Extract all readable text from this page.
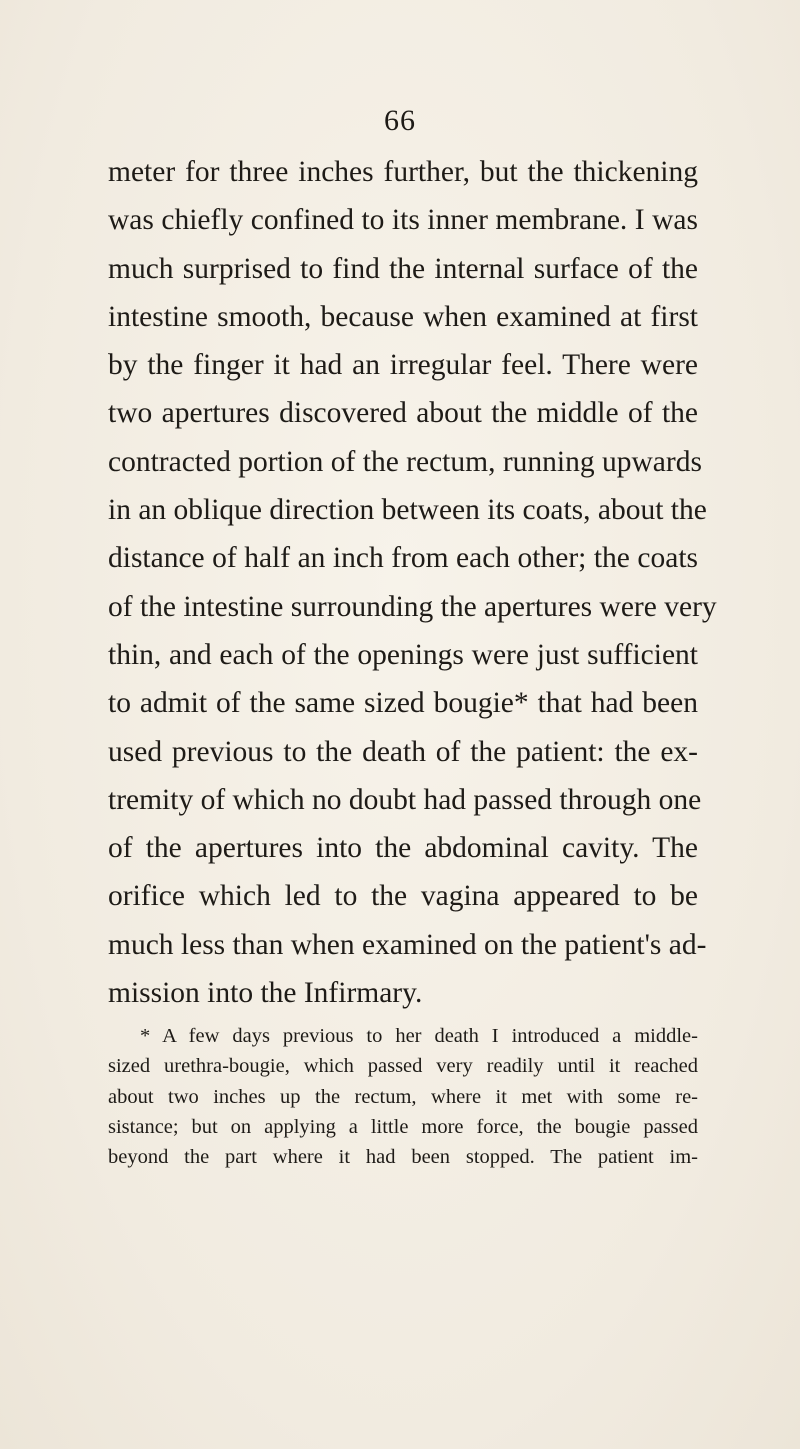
66
meter for three inches further, but the thickening
was chiefly confined to its inner membrane. I was
much surprised to find the internal surface of the
intestine smooth, because when examined at first
by the finger it had an irregular feel. There were
two apertures discovered about the middle of the
contracted portion of the rectum, running upwards
in an oblique direction between its coats, about the
distance of half an inch from each other; the coats
of the intestine surrounding the apertures were very
thin, and each of the openings were just sufficient
to admit of the same sized bougie* that had been
used previous to the death of the patient: the ex-
tremity of which no doubt had passed through one
of the apertures into the abdominal cavity. The
orifice which led to the vagina appeared to be
much less than when examined on the patient's ad-
mission into the Infirmary.
* A few days previous to her death I introduced a middle-
sized urethra-bougie, which passed very readily until it reached
about two inches up the rectum, where it met with some re-
sistance; but on applying a little more force, the bougie passed
beyond the part where it had been stopped. The patient im-
